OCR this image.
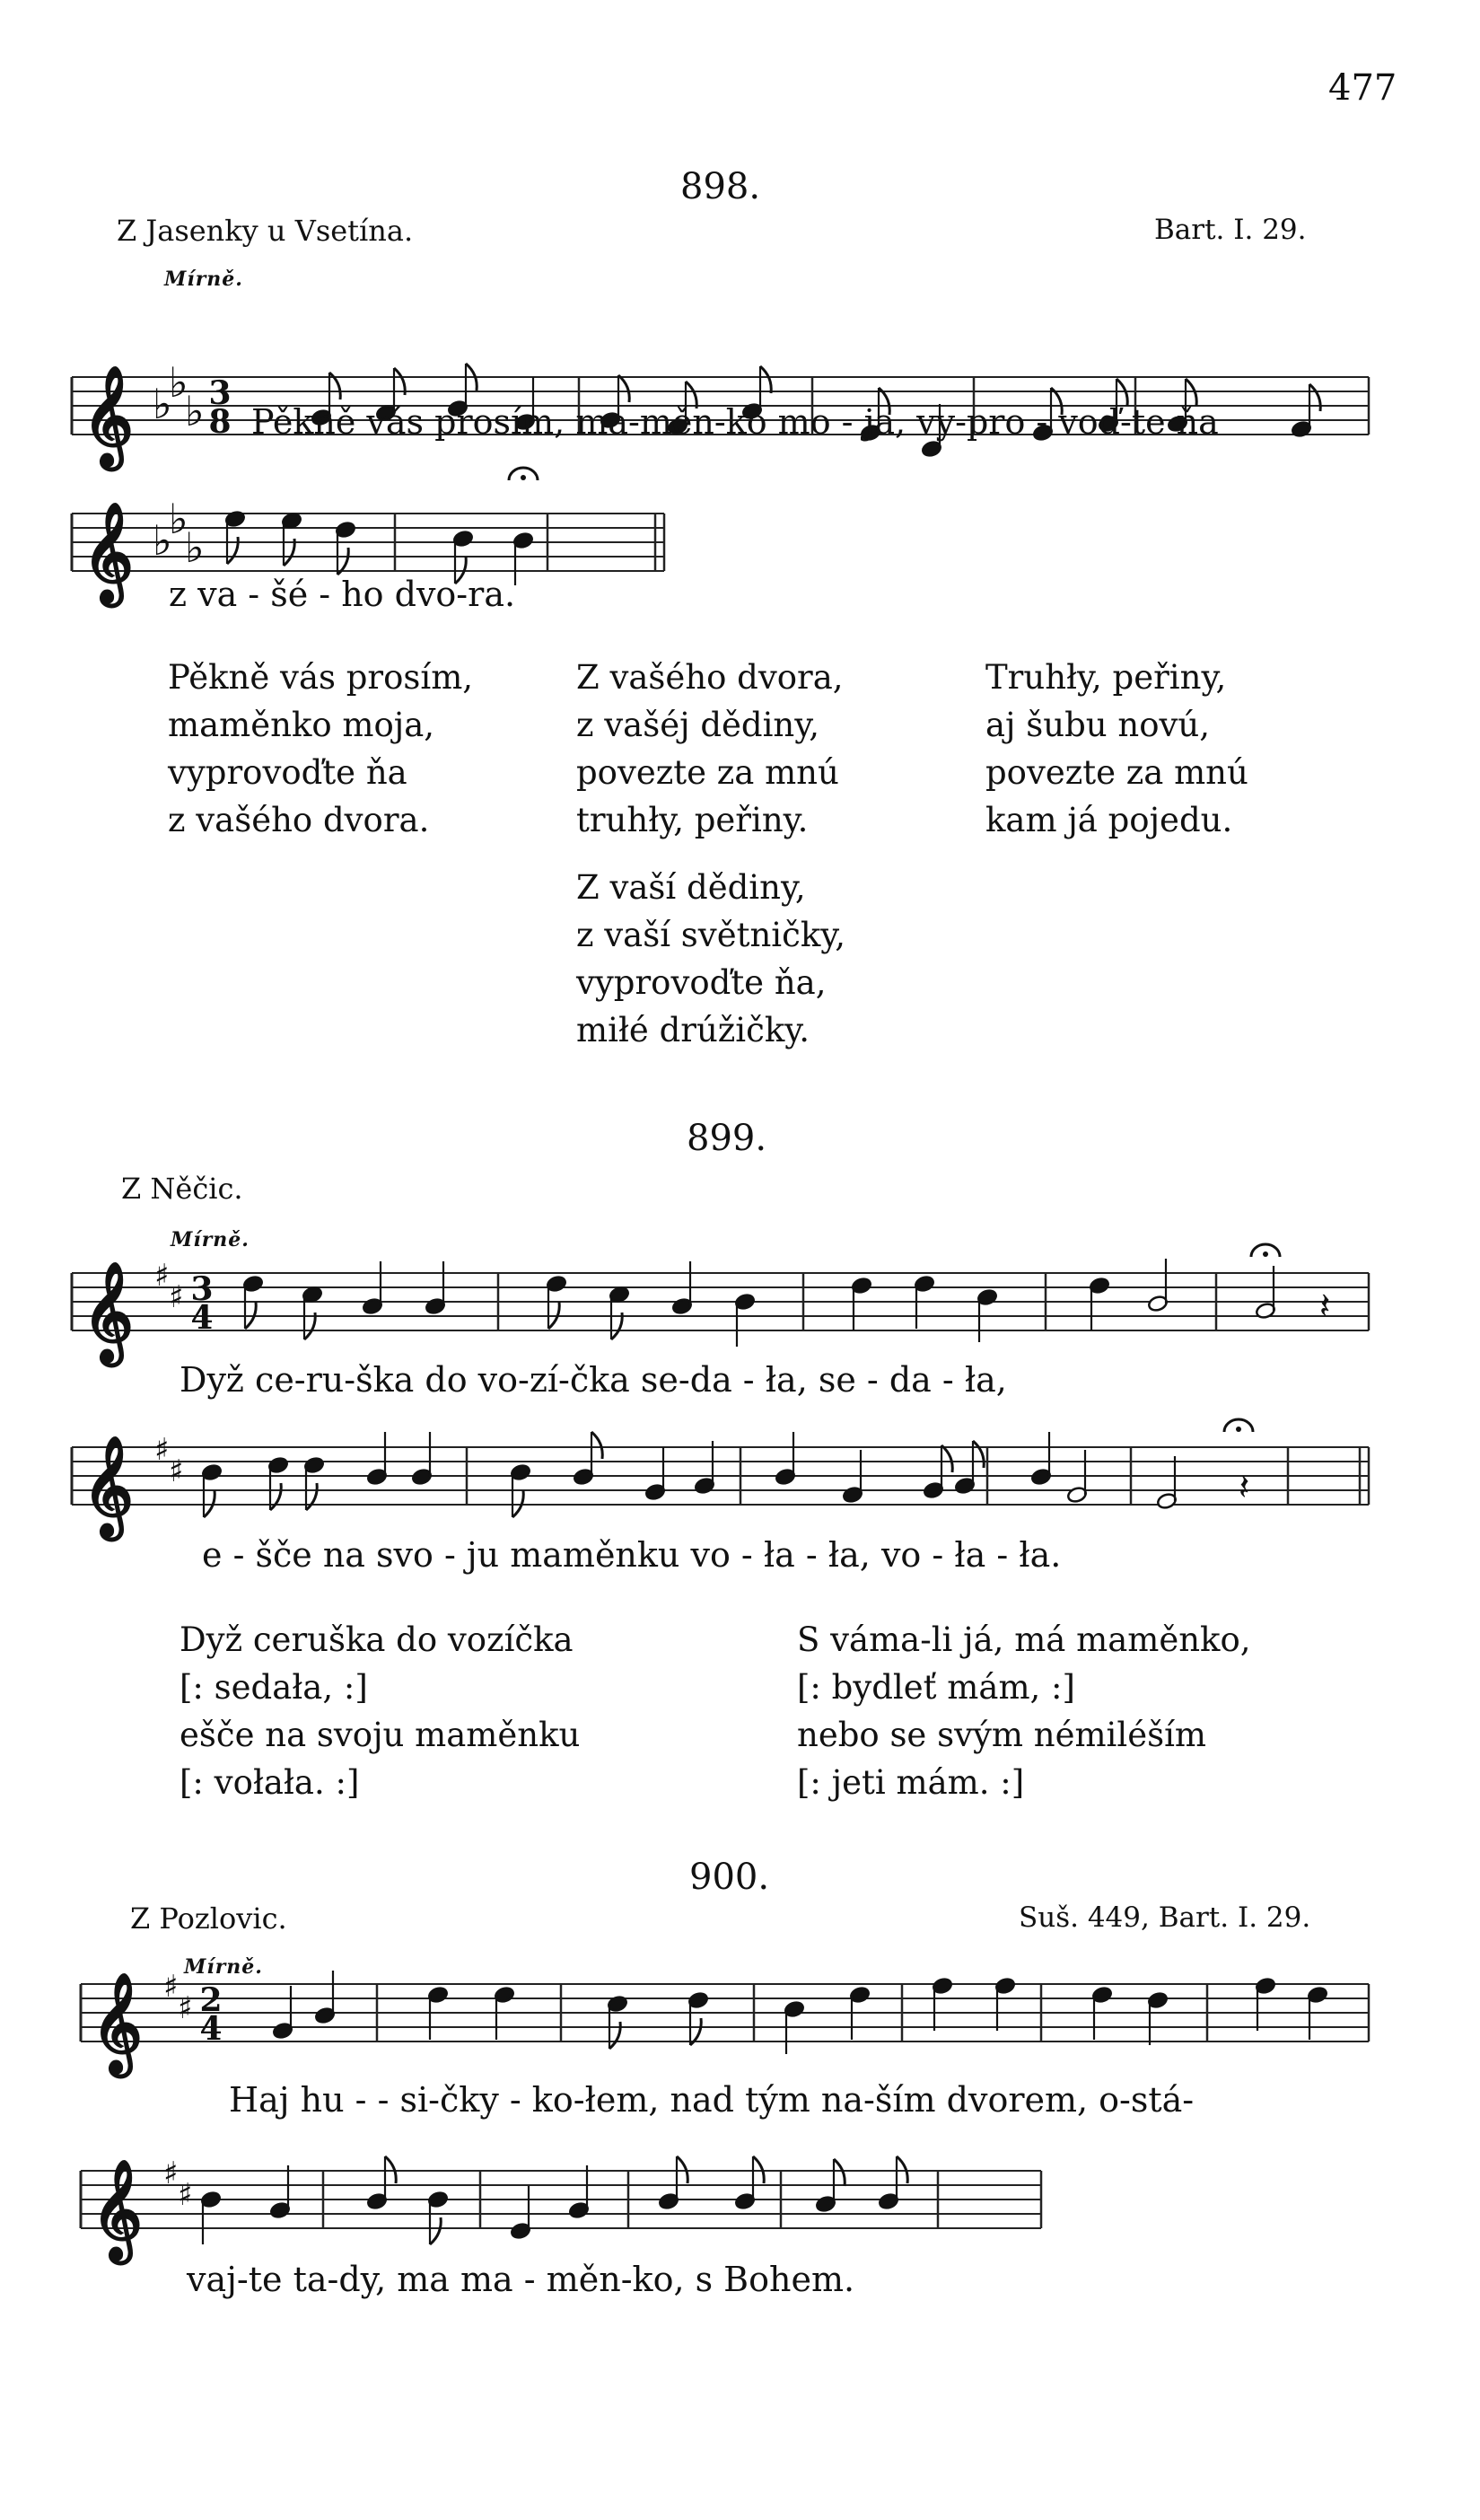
477
898.
Z Jasenky u Vsetína.	Bart. I. 29.
Mírně.
𝄞 ♭
♭
♭ 3
8 Pěkně vás prosím, ma-měn-ko mo - ja, vy-pro - voď-te ňa
𝄞 ♭
♭
♭
z va - šé - ho dvo-ra.
Pěkně vás prosím,
maměnko moja,
vyprovoďte ňa
z vašého dvora.
Z vašého dvora,
z vašéj dědiny,
povezte za mnú
truhły, peřiny.
Z vaší dědiny,
z vaší světničky,
vyprovoďte ňa,
miłé drúžičky.
Truhły, peřiny,
aj šubu novú,
povezte za mnú
kam já pojedu.
899.
Z Něčic.
Mírně.
𝄞 ♯
♯ 3
4	𝄽
Dyž ce-ru-ška do vo-zí-čka se-da - ła, se - da - ła,
𝄞 ♯
♯	𝄽
e - šče na svo - ju maměnku vo - ła - ła, vo - ła - ła.
Dyž ceruška do vozíčka
[: sedała, :]
ešče na svoju maměnku
[: vołała. :]
S váma-li já, má maměnko,
[: bydleť mám, :]
nebo se svým némiléším
[: jeti mám. :]
900.
Z Pozlovic.	Suš. 449, Bart. I. 29.
Mírně.
𝄞 ♯
♯ 2
4
Haj hu - - si-čky - ko-łem, nad tým na-ším dvorem, o-stá-
𝄞 ♯
♯
vaj-te ta-dy, ma ma - měn-ko, s Bohem.
